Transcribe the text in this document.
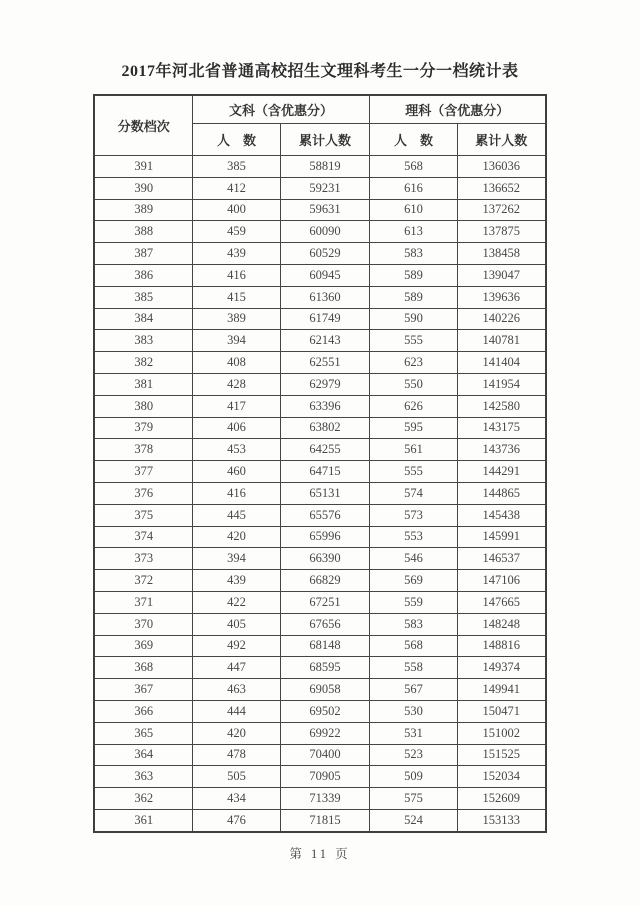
2017年河北省普通高校招生文理科考生一分一档统计表
分数档次	文科（含优惠分）		理科（含优惠分）	
	人　数	累计人数	人　数	累计人数
391	385	58819	568	136036
390	412	59231	616	136652
389	400	59631	610	137262
388	459	60090	613	137875
387	439	60529	583	138458
386	416	60945	589	139047
385	415	61360	589	139636
384	389	61749	590	140226
383	394	62143	555	140781
382	408	62551	623	141404
381	428	62979	550	141954
380	417	63396	626	142580
379	406	63802	595	143175
378	453	64255	561	143736
377	460	64715	555	144291
376	416	65131	574	144865
375	445	65576	573	145438
374	420	65996	553	145991
373	394	66390	546	146537
372	439	66829	569	147106
371	422	67251	559	147665
370	405	67656	583	148248
369	492	68148	568	148816
368	447	68595	558	149374
367	463	69058	567	149941
366	444	69502	530	150471
365	420	69922	531	151002
364	478	70400	523	151525
363	505	70905	509	152034
362	434	71339	575	152609
361	476	71815	524	153133
第 11 页
